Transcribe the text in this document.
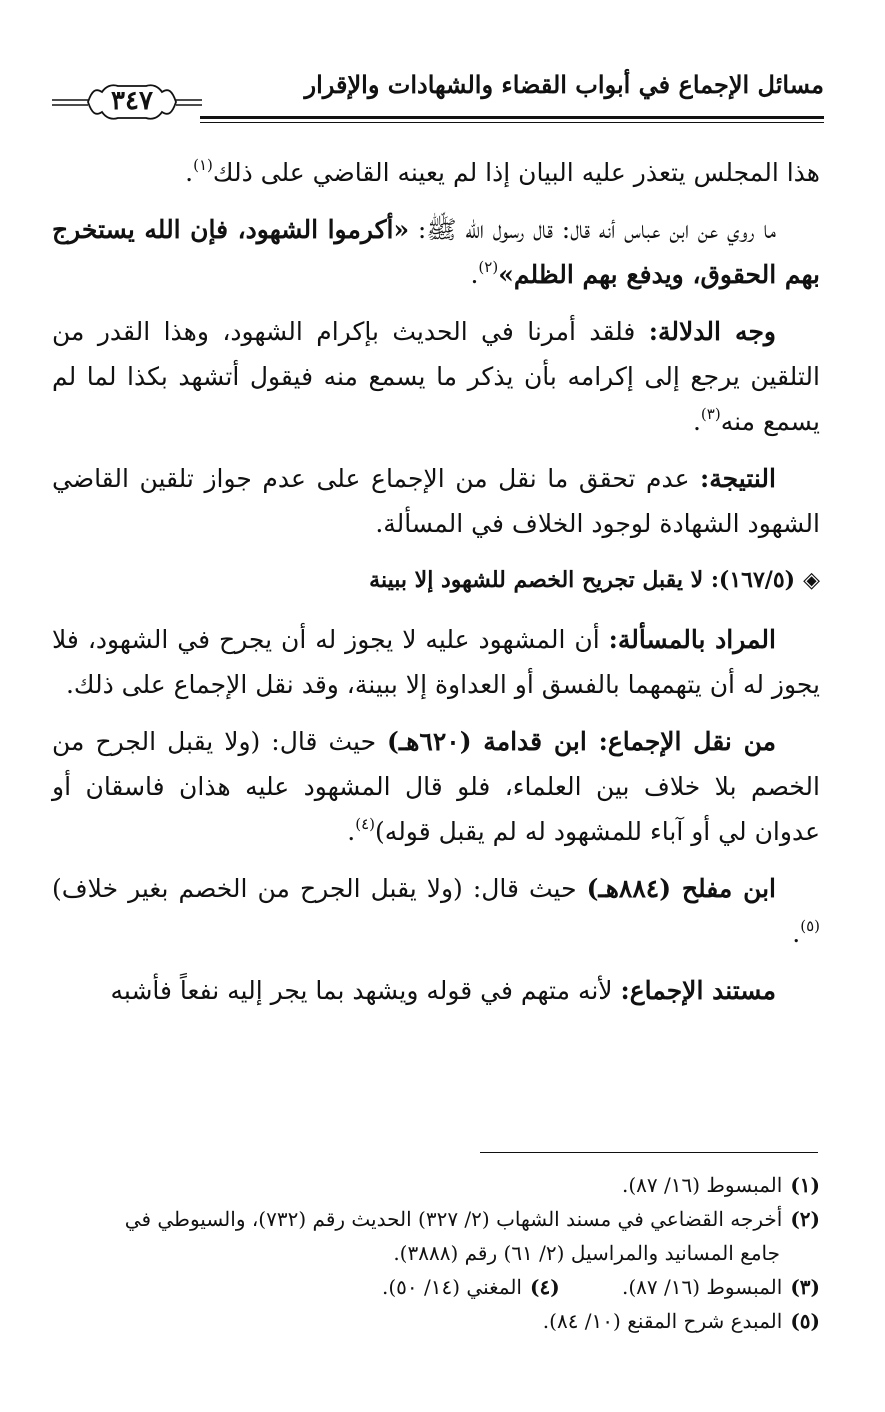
مسائل الإجماع في أبواب القضاء والشهادات والإقرار
٣٤٧

هذا المجلس يتعذر عليه البيان إذا لم يعينه القاضي على ذلك$^{(١)}$.

ما روي عن ابن عباس أنه قال: قال رسول الله ﷺ: «أكرموا الشهود، فإن الله يستخرج بهم الحقوق، ويدفع بهم الظلم»$^{(٢)}$.

وجه الدلالة: فلقد أمرنا في الحديث بإكرام الشهود، وهذا القدر من التلقين يرجع إلى إكرامه بأن يذكر ما يسمع منه فيقول أتشهد بكذا لما لم يسمع منه$^{(٣)}$.

النتيجة: عدم تحقق ما نقل من الإجماع على عدم جواز تلقين القاضي الشهود الشهادة لوجود الخلاف في المسألة.

◈(١٦٧/٥): لا يقبل تجريح الخصم للشهود إلا ببينة

المراد بالمسألة: أن المشهود عليه لا يجوز له أن يجرح في الشهود، فلا يجوز له أن يتهمهما بالفسق أو العداوة إلا ببينة، وقد نقل الإجماع على ذلك.

من نقل الإجماع: ابن قدامة (٦٢٠هـ) حيث قال: (ولا يقبل الجرح من الخصم بلا خلاف بين العلماء، فلو قال المشهود عليه هذان فاسقان أو عدوان لي أو آباء للمشهود له لم يقبل قوله)$^{(٤)}$.

ابن مفلح (٨٨٤هـ) حيث قال: (ولا يقبل الجرح من الخصم بغير خلاف)$^{(٥)}$.

مستند الإجماع: لأنه متهم في قوله ويشهد بما يجر إليه نفعاً فأشبه

(١)المبسوط (١٦/ ٨٧).

(٢)أخرجه القضاعي في مسند الشهاب (٢/ ٣٢٧) الحديث رقم (٧٣٢)، والسيوطي في

جامع المسانيد والمراسيل (٢/ ٦١) رقم (٣٨٨٨).

(٣)المبسوط (١٦/ ٨٧).

(٤)المغني (١٤/ ٥٠).

(٥)المبدع شرح المقنع (١٠/ ٨٤).
